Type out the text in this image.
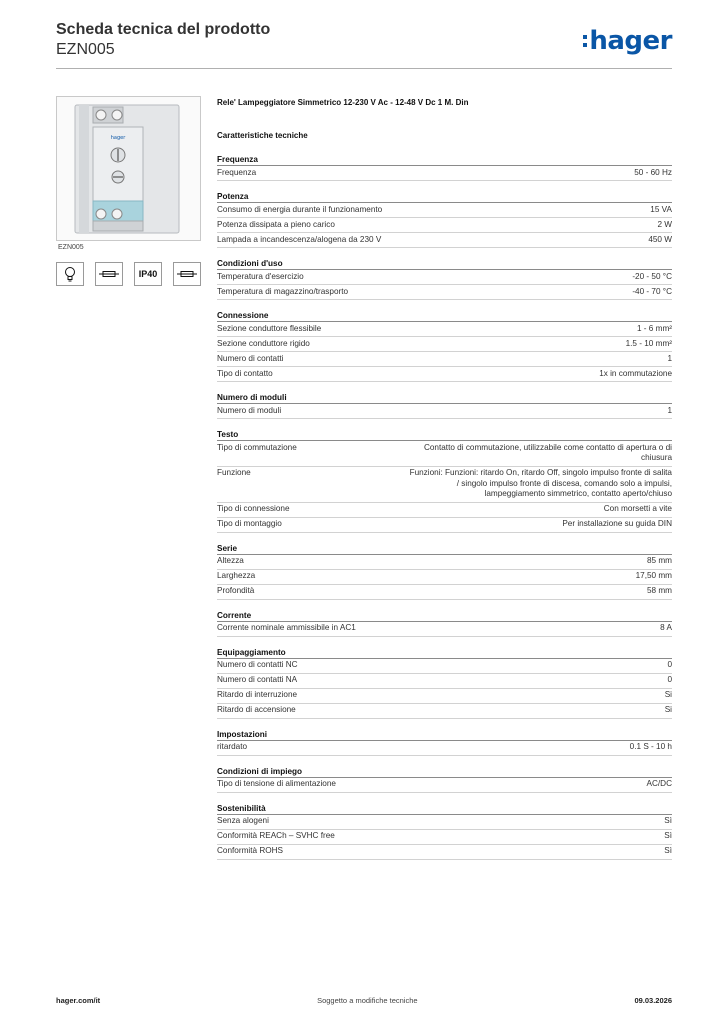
Scheda tecnica del prodotto
EZN005	hager
hager
EZN005
IP40
Rele' Lampeggiatore Simmetrico 12-230 V Ac - 12-48 V Dc 1 M. Din
Caratteristiche tecniche
Frequenza
Frequenza	50 - 60 Hz
Potenza
Consumo di energia durante il funzionamento	15 VA
Potenza dissipata a pieno carico	2 W
Lampada a incandescenza/alogena da 230 V	450 W
Condizioni d'uso
Temperatura d'esercizio	-20 - 50 °C
Temperatura di magazzino/trasporto	-40 - 70 °C
Connessione
Sezione conduttore flessibile	1 - 6 mm²
Sezione conduttore rigido	1.5 - 10 mm²
Numero di contatti	1
Tipo di contatto	1x in commutazione
Numero di moduli
Numero di moduli	1
Testo
Tipo di commutazione	Contatto di commutazione, utilizzabile come contatto di apertura o di chiusura
Funzione	Funzioni: Funzioni: ritardo On, ritardo Off, singolo impulso fronte di salita / singolo impulso fronte di discesa, comando solo a impulsi, lampeggiamento simmetrico, contatto aperto/chiuso
Tipo di connessione	Con morsetti a vite
Tipo di montaggio	Per installazione su guida DIN
Serie
Altezza	85 mm
Larghezza	17,50 mm
Profondità	58 mm
Corrente
Corrente nominale ammissibile in AC1	8 A
Equipaggiamento
Numero di contatti NC	0
Numero di contatti NA	0
Ritardo di interruzione	Si
Ritardo di accensione	Si
Impostazioni
ritardato	0.1 S - 10 h
Condizioni di impiego
Tipo di tensione di alimentazione	AC/DC
Sostenibilità
Senza alogeni	Sì
Conformità REACh – SVHC free	Sì
Conformità ROHS	Sì
hager.com/it	Soggetto a modifiche tecniche	09.03.2026
